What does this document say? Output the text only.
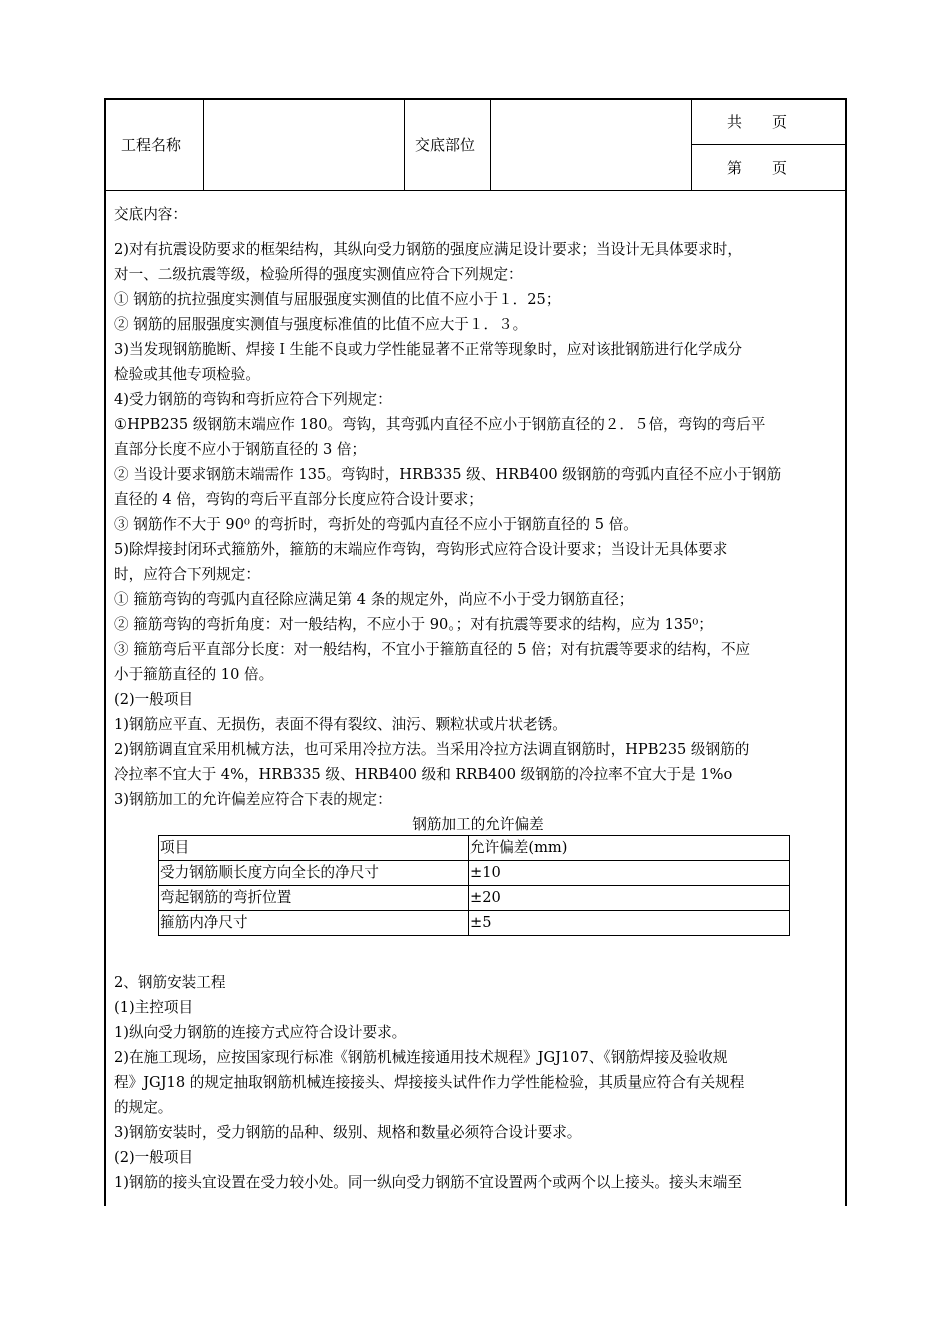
工程名称	交底部位
共　　页
第　　页
交底内容：
2)对有抗震设防要求的框架结构，其纵向受力钢筋的强度应满足设计要求；当设计无具体要求时，
对一、二级抗震等级，检验所得的强度实测值应符合下列规定：
① 钢筋的抗拉强度实测值与屈服强度实测值的比值不应小于１．25；
② 钢筋的屈服强度实测值与强度标准值的比值不应大于１．３。
3)当发现钢筋脆断、焊接Ｉ生能不良或力学性能显著不正常等现象时，应对该批钢筋进行化学成分
检验或其他专项检验。
4)受力钢筋的弯钩和弯折应符合下列规定：
①HPB235 级钢筋末端应作 180。弯钩，其弯弧内直径不应小于钢筋直径的２．５倍，弯钩的弯后平
直部分长度不应小于钢筋直径的 3 倍；
② 当设计要求钢筋末端需作 135。弯钩时，HRB335 级、HRB400 级钢筋的弯弧内直径不应小于钢筋
直径的 4 倍，弯钩的弯后平直部分长度应符合设计要求；
③ 钢筋作不大于 90⁰ 的弯折时，弯折处的弯弧内直径不应小于钢筋直径的 5 倍。
5)除焊接封闭环式箍筋外，箍筋的末端应作弯钩，弯钩形式应符合设计要求；当设计无具体要求
时，应符合下列规定：
① 箍筋弯钩的弯弧内直径除应满足第 4 条的规定外，尚应不小于受力钢筋直径；
② 箍筋弯钩的弯折角度：对一般结构，不应小于 90。；对有抗震等要求的结构，应为 135⁰；
③ 箍筋弯后平直部分长度：对一般结构，不宜小于箍筋直径的 5 倍；对有抗震等要求的结构，不应
小于箍筋直径的 10 倍。
(2)一般项目
1)钢筋应平直、无损伤，表面不得有裂纹、油污、颗粒状或片状老锈。
2)钢筋调直宜采用机械方法，也可采用冷拉方法。当采用冷拉方法调直钢筋时，HPB235 级钢筋的
冷拉率不宜大于 4%，HRB335 级、HRB400 级和 RRB400 级钢筋的冷拉率不宜大于是 1%o
3)钢筋加工的允许偏差应符合下表的规定：
钢筋加工的允许偏差
2、钢筋安装工程
(1)主控项目
1)纵向受力钢筋的连接方式应符合设计要求。
2)在施工现场，应按国家现行标准《钢筋机械连接通用技术规程》JGJ107、《钢筋焊接及验收规
程》JGJ18 的规定抽取钢筋机械连接接头、焊接接头试件作力学性能检验，其质量应符合有关规程
的规定。
3)钢筋安装时，受力钢筋的品种、级别、规格和数量必须符合设计要求。
(2)一般项目
1)钢筋的接头宜设置在受力较小处。同一纵向受力钢筋不宜设置两个或两个以上接头。接头末端至
项目	允许偏差(mm)
受力钢筋顺长度方向全长的净尺寸	±10
弯起钢筋的弯折位置	±20
箍筋内净尺寸	±5
